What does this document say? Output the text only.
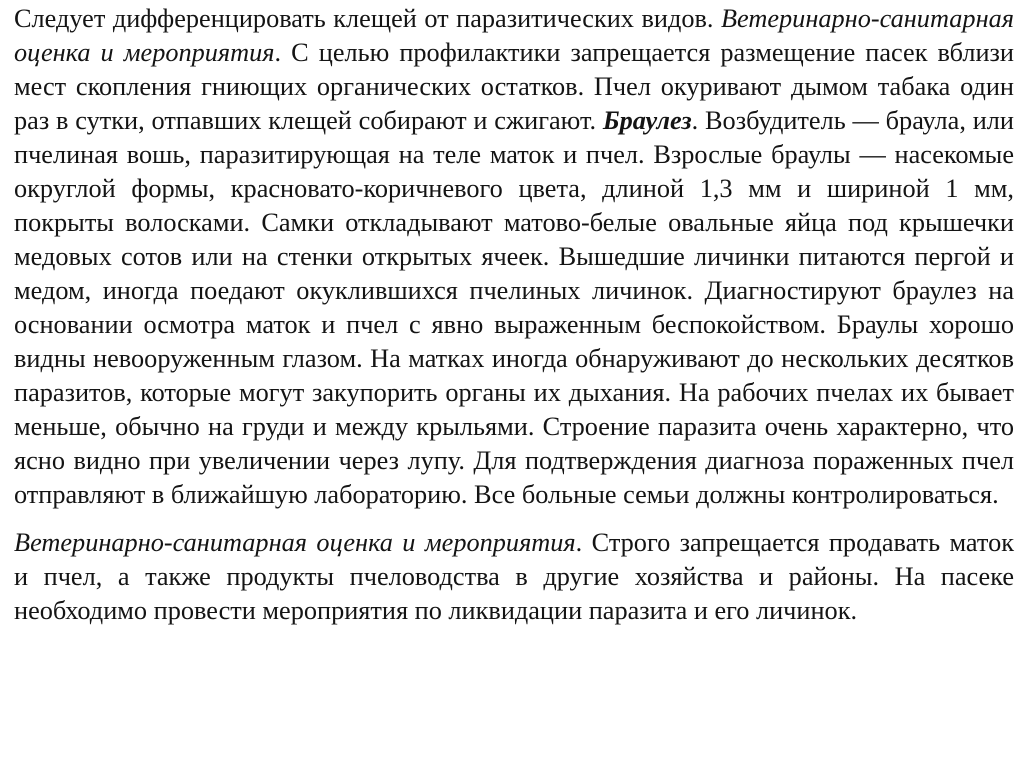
Следует дифференцировать клещей от паразитических видов. Ветеринарно-санитарная оценка и мероприятия. С целью профилактики запрещается размещение пасек вблизи мест скопления гниющих органических остатков. Пчел окуривают дымом табака один раз в сутки, отпавших клещей собирают и сжигают. Браулез. Возбудитель — браула, или пчелиная вошь, паразитирующая на теле маток и пчел. Взрослые браулы — насекомые округлой формы, красновато-коричневого цвета, длиной 1,3 мм и шириной 1 мм, покрыты волосками. Самки откладывают матово-белые овальные яйца под крышечки медовых сотов или на стенки открытых ячеек. Вышедшие личинки питаются пергой и медом, иногда поедают окуклившихся пчелиных личинок. Диагностируют браулез на основании осмотра маток и пчел с явно выраженным беспокойством. Браулы хорошо видны невооруженным глазом. На матках иногда обнаруживают до нескольких десятков паразитов, которые могут закупорить органы их дыхания. На рабочих пчелах их бывает меньше, обычно на груди и между крыльями. Строение паразита очень характерно, что ясно видно при увеличении через лупу. Для подтверждения диагноза пораженных пчел отправляют в ближайшую лабораторию. Все больные семьи должны контролироваться.

Ветеринарно-санитарная оценка и мероприятия. Строго запрещается продавать маток и пчел, а также продукты пчеловодства в другие хозяйства и районы. На пасеке необходимо провести мероприятия по ликвидации паразита и его личинок.
